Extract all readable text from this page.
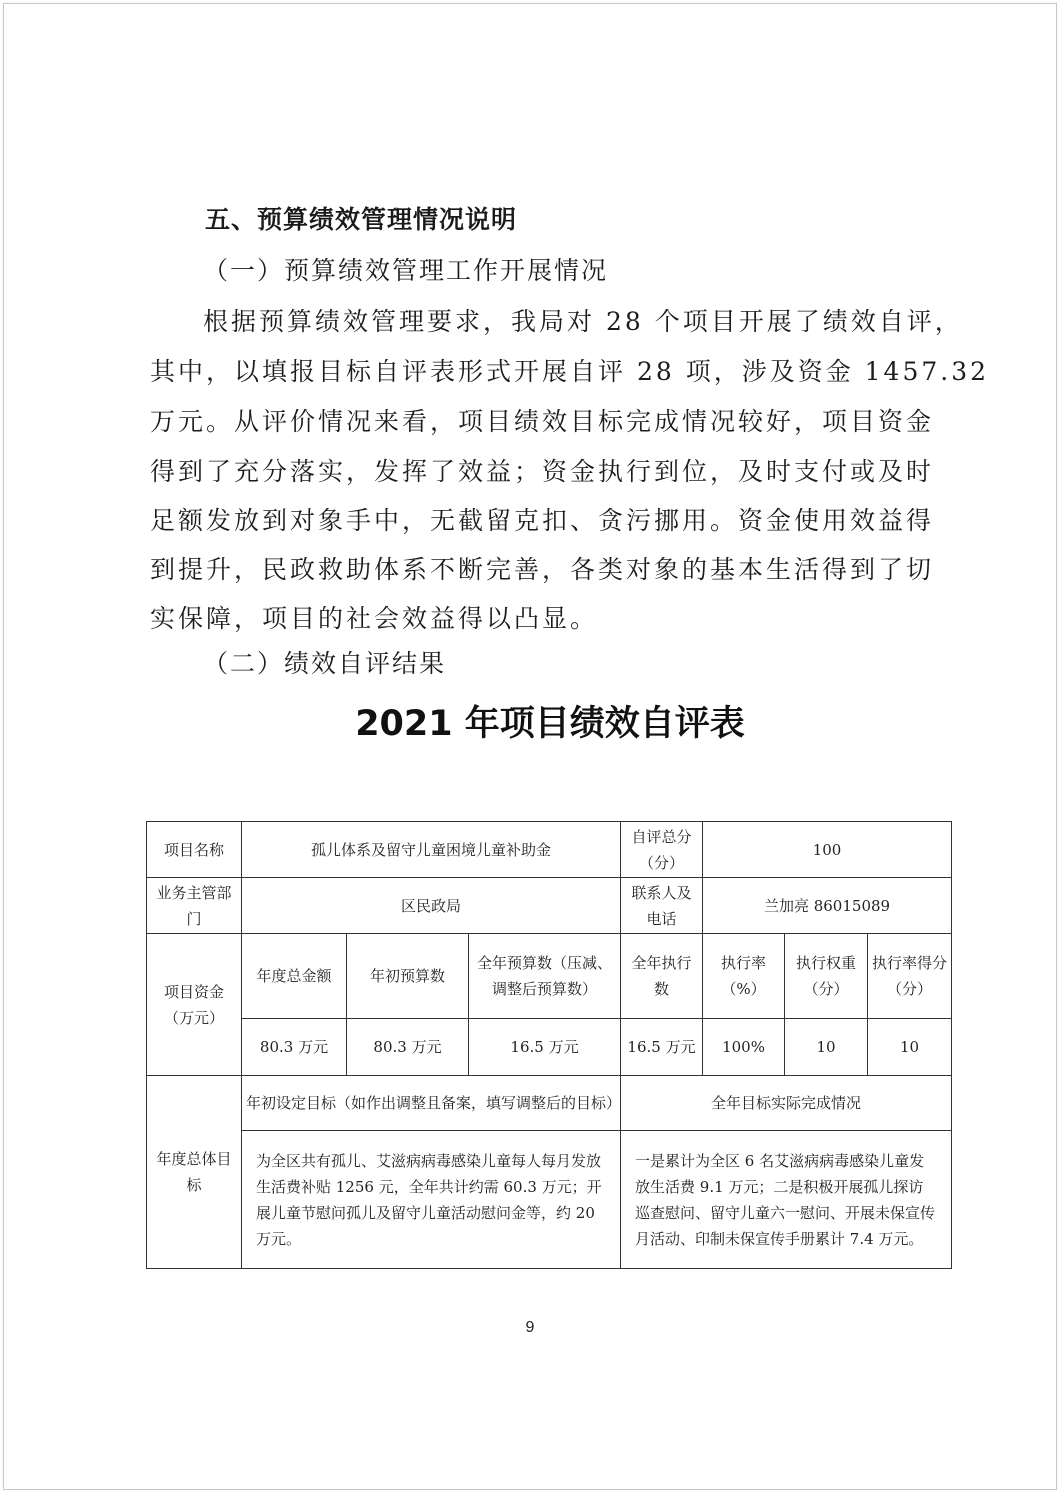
五、预算绩效管理情况说明
（一）预算绩效管理工作开展情况
根据预算绩效管理要求，我局对 28 个项目开展了绩效自评，
其中，以填报目标自评表形式开展自评 28 项，涉及资金 1457.32
万元。从评价情况来看，项目绩效目标完成情况较好，项目资金
得到了充分落实，发挥了效益；资金执行到位，及时支付或及时
足额发放到对象手中，无截留克扣、贪污挪用。资金使用效益得
到提升，民政救助体系不断完善，各类对象的基本生活得到了切
实保障，项目的社会效益得以凸显。
（二）绩效自评结果
2021 年项目绩效自评表
项目名称	孤儿体系及留守儿童困境儿童补助金			自评总分（分）	100		
业务主管部门	区民政局			联系人及电话	兰加亮 86015089		
项目资金（万元）	年度总金额	年初预算数	全年预算数（压减、调整后预算数）	全年执行数	执行率（%）	执行权重（分）	执行率得分（分）
	80.3 万元	80.3 万元	16.5 万元	16.5 万元	100%	10	10
年度总体目标	年初设定目标（如作出调整且备案，填写调整后的目标）			全年目标实际完成情况			
	为全区共有孤儿、艾滋病病毒感染儿童每人每月发放生活费补贴 1256 元，全年共计约需 60.3 万元；开展儿童节慰问孤儿及留守儿童活动慰问金等，约 20 万元。			一是累计为全区 6 名艾滋病病毒感染儿童发放生活费 9.1 万元；二是积极开展孤儿探访巡查慰问、留守儿童六一慰问、开展未保宣传月活动、印制未保宣传手册累计 7.4 万元。			
9
